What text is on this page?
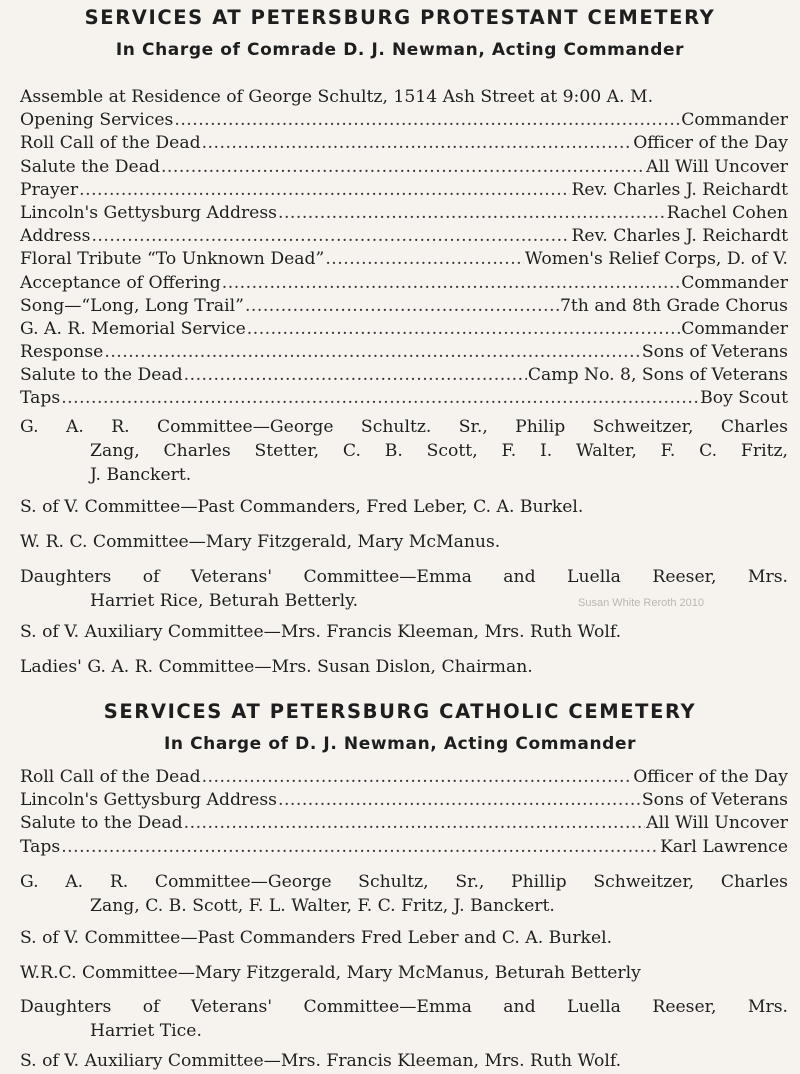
SERVICES AT PETERSBURG PROTESTANT CEMETERY
In Charge of Comrade D. J. Newman, Acting Commander
Assemble at Residence of George Schultz, 1514 Ash Street at 9:00 A. M.
Opening Services .....	Commander
Roll Call of the Dead .....	Officer of the Day
Salute the Dead .....	All Will Uncover
Prayer .....	Rev. Charles J. Reichardt
Lincoln's Gettysburg Address .....	Rachel Cohen
Address .....	Rev. Charles J. Reichardt
Floral Tribute “To Unknown Dead” .....	Women's Relief Corps, D. of V.
Acceptance of Offering .....	Commander
Song—“Long, Long Trail” .....	7th and 8th Grade Chorus
G. A. R. Memorial Service .....	Commander
Response .....	Sons of Veterans
Salute to the Dead .....	Camp No. 8, Sons of Veterans
Taps .....	Boy Scout
G. A. R. Committee—George Schultz. Sr., Philip Schweitzer, Charles
Zang, Charles Stetter, C. B. Scott, F. I. Walter, F. C. Fritz,
J. Banckert.
S. of V. Committee—Past Commanders, Fred Leber, C. A. Burkel.
W. R. C. Committee—Mary Fitzgerald, Mary McManus.
Daughters of Veterans' Committee—Emma and Luella Reeser, Mrs.
Harriet Rice, Beturah Betterly.
S. of V. Auxiliary Committee—Mrs. Francis Kleeman, Mrs. Ruth Wolf.
Ladies' G. A. R. Committee—Mrs. Susan Dislon, Chairman.
SERVICES AT PETERSBURG CATHOLIC CEMETERY
In Charge of D. J. Newman, Acting Commander
Roll Call of the Dead .....	Officer of the Day
Lincoln's Gettysburg Address .....	Sons of Veterans
Salute to the Dead .....	All Will Uncover
Taps .....	Karl Lawrence
G. A. R. Committee—George Schultz, Sr., Phillip Schweitzer, Charles
Zang, C. B. Scott, F. L. Walter, F. C. Fritz, J. Banckert.
S. of V. Committee—Past Commanders Fred Leber and C. A. Burkel.
W.R.C. Committee—Mary Fitzgerald, Mary McManus, Beturah Betterly
Daughters of Veterans' Committee—Emma and Luella Reeser, Mrs.
Harriet Tice.
S. of V. Auxiliary Committee—Mrs. Francis Kleeman, Mrs. Ruth Wolf.
Susan White Reroth 2010
